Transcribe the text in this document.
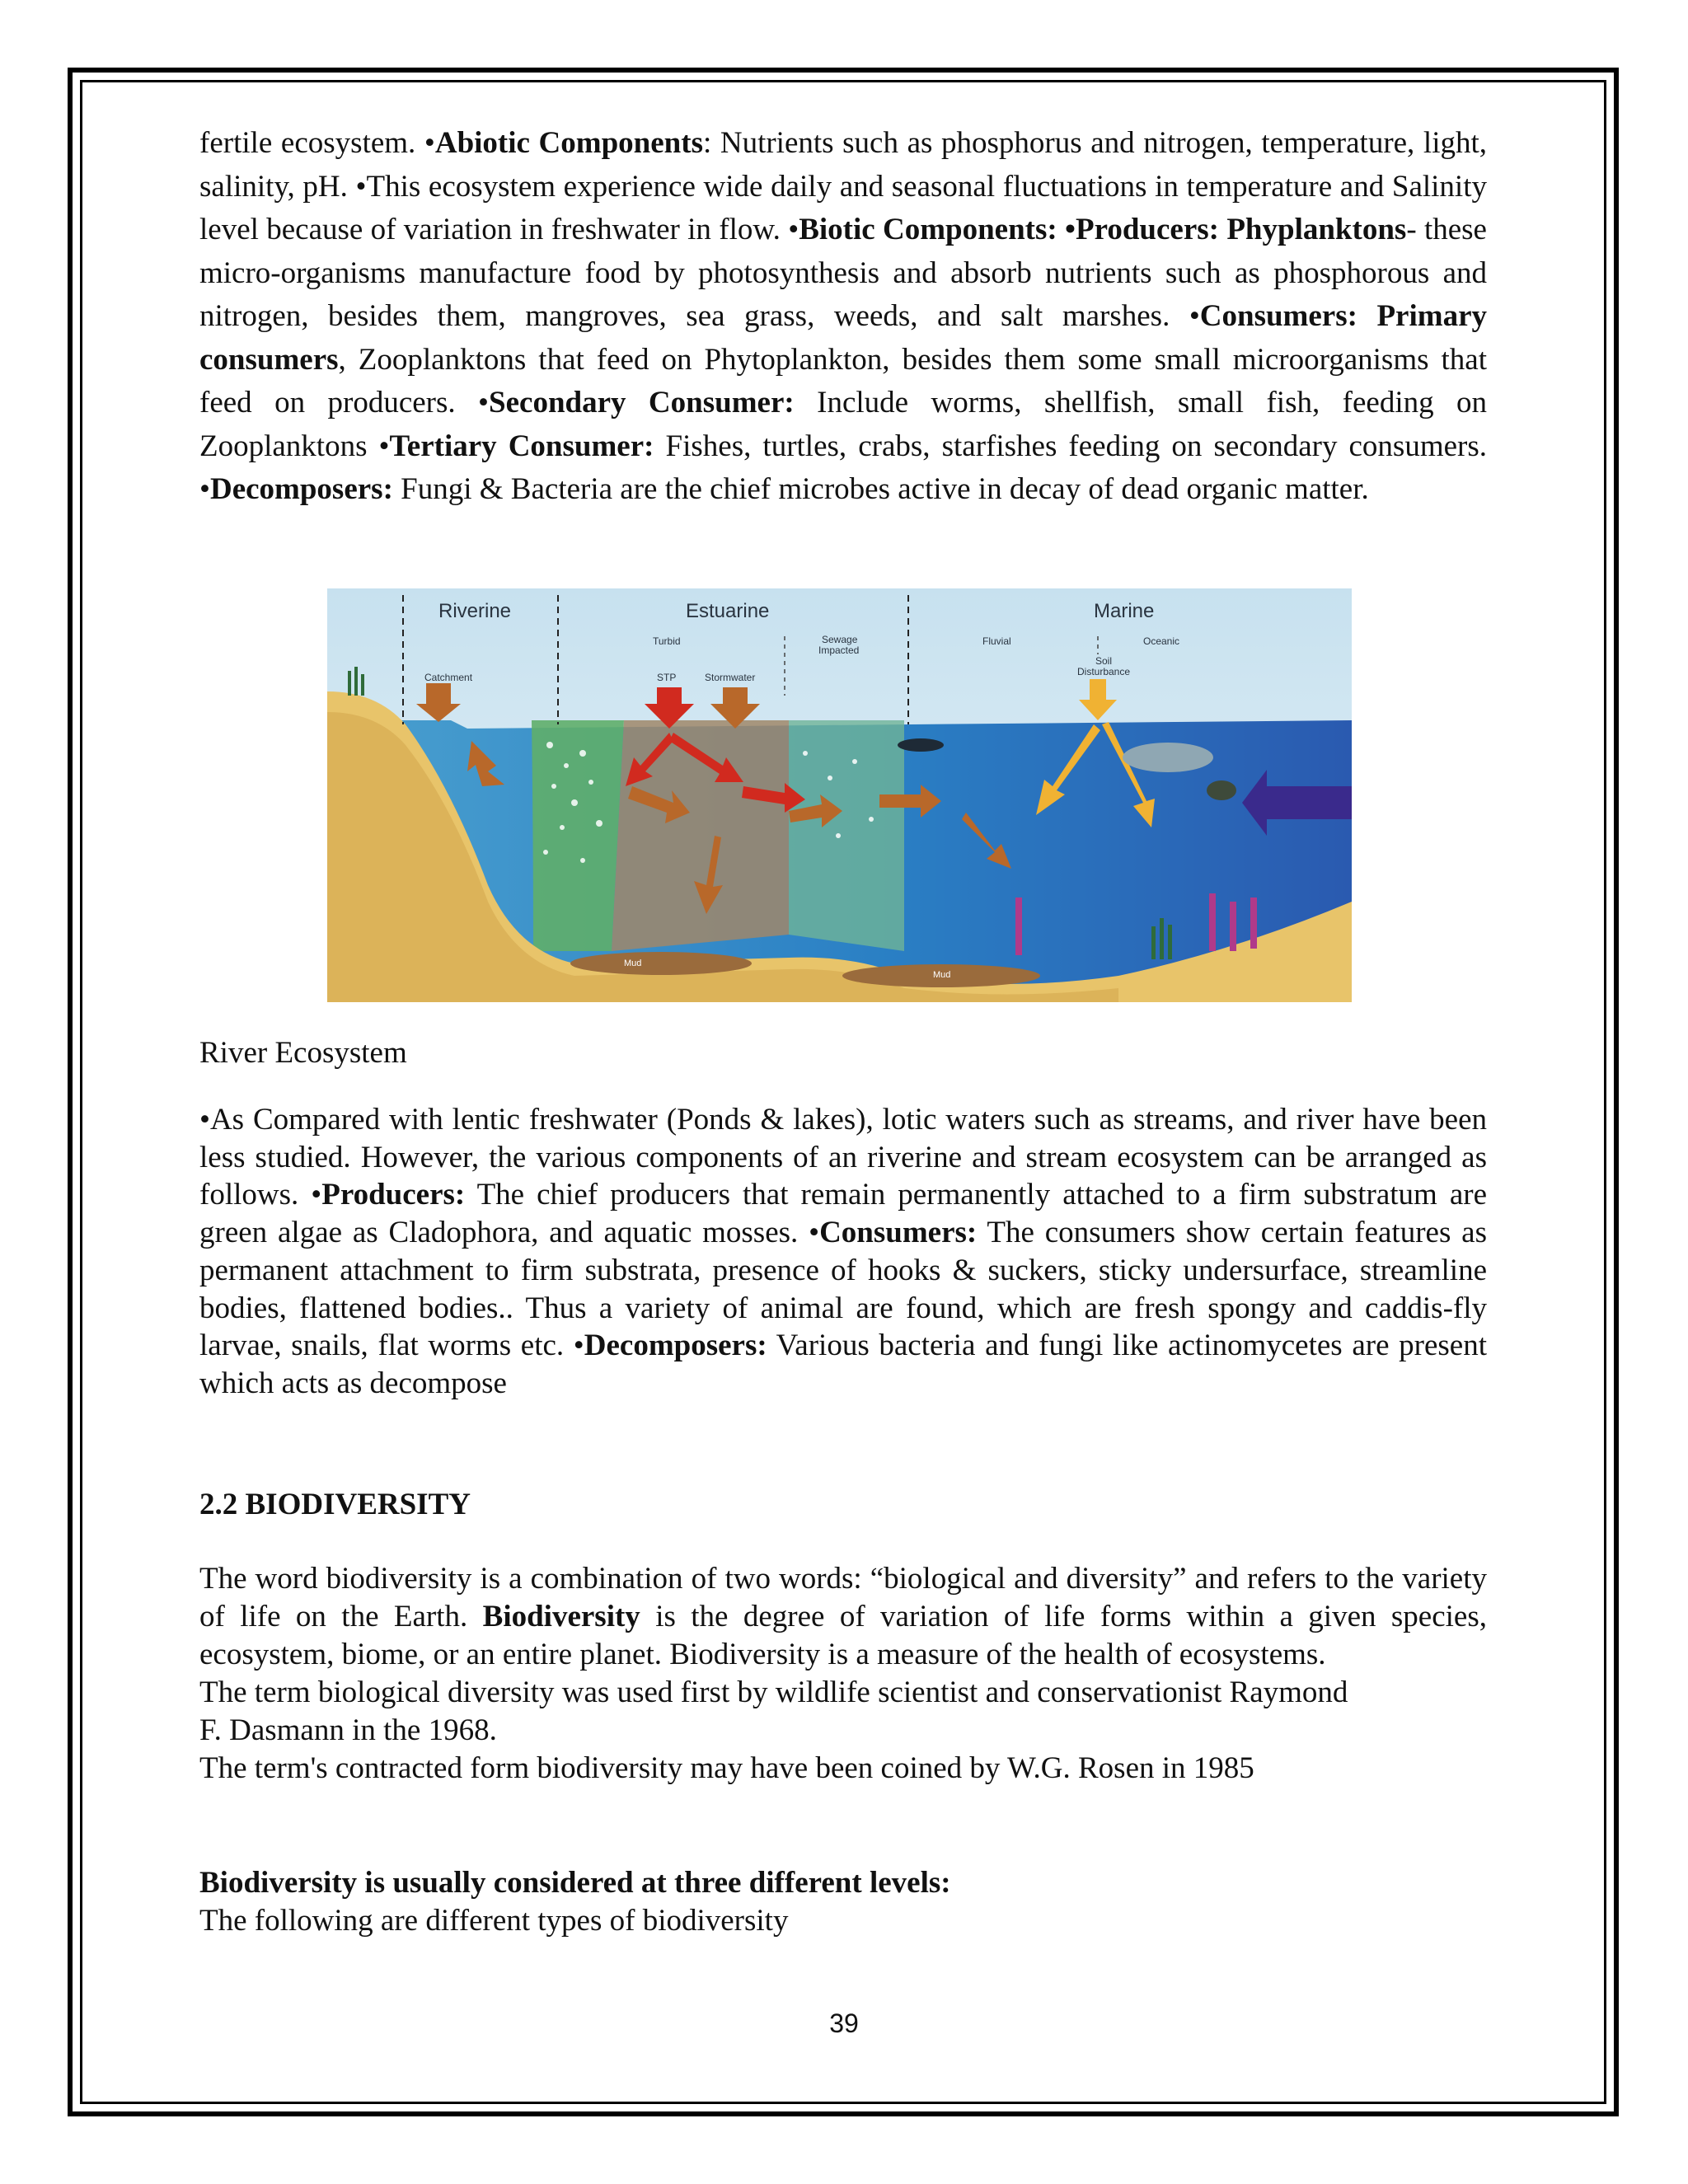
fertile ecosystem. •Abiotic Components: Nutrients such as phosphorus and nitrogen, temperature, light, salinity, pH. •This ecosystem experience wide daily and seasonal fluctuations in temperature and Salinity level because of variation in freshwater in flow. •Biotic Components: •Producers: Phyplanktons- these micro-organisms manufacture food by photosynthesis and absorb nutrients such as phosphorous and nitrogen, besides them, mangroves, sea grass, weeds, and salt marshes. •Consumers: Primary consumers, Zooplanktons that feed on Phytoplankton, besides them some small microorganisms that feed on producers. •Secondary Consumer: Include worms, shellfish, small fish, feeding on Zooplanktons •Tertiary Consumer: Fishes, turtles, crabs, starfishes feeding on secondary consumers. •Decomposers: Fungi & Bacteria are the chief microbes active in decay of dead organic matter.

Riverine	Estuarine	Marine
Turbid	Sewage
Impacted
Fluvial	Oceanic
Catchment	STP	Stormwater
Soil
Disturbance
Mud
Mud

River Ecosystem

•As Compared with lentic freshwater (Ponds & lakes), lotic waters such as streams, and river have been less studied. However, the various components of an riverine and stream ecosystem can be arranged as follows. •Producers: The chief producers that remain permanently attached to a firm substratum are green algae as Cladophora, and aquatic mosses. •Consumers: The consumers show certain features as permanent attachment to firm substrata, presence of hooks & suckers, sticky undersurface, streamline bodies, flattened bodies.. Thus a variety of animal are found, which are fresh spongy and caddis-fly larvae, snails, flat worms etc. •Decomposers: Various bacteria and fungi like actinomycetes are present which acts as decompose

2.2 BIODIVERSITY

The word biodiversity is a combination of two words: “biological and diversity” and refers to the variety of life on the Earth. Biodiversity is the degree of variation of life forms within a given species, ecosystem, biome, or an entire planet. Biodiversity is a measure of the health of ecosystems.

The term biological diversity was used first by wildlife scientist and conservationist Raymond

F. Dasmann in the 1968.

The term's contracted form biodiversity may have been coined by W.G. Rosen in 1985

Biodiversity is usually considered at three different levels:

The following are different types of biodiversity

39
